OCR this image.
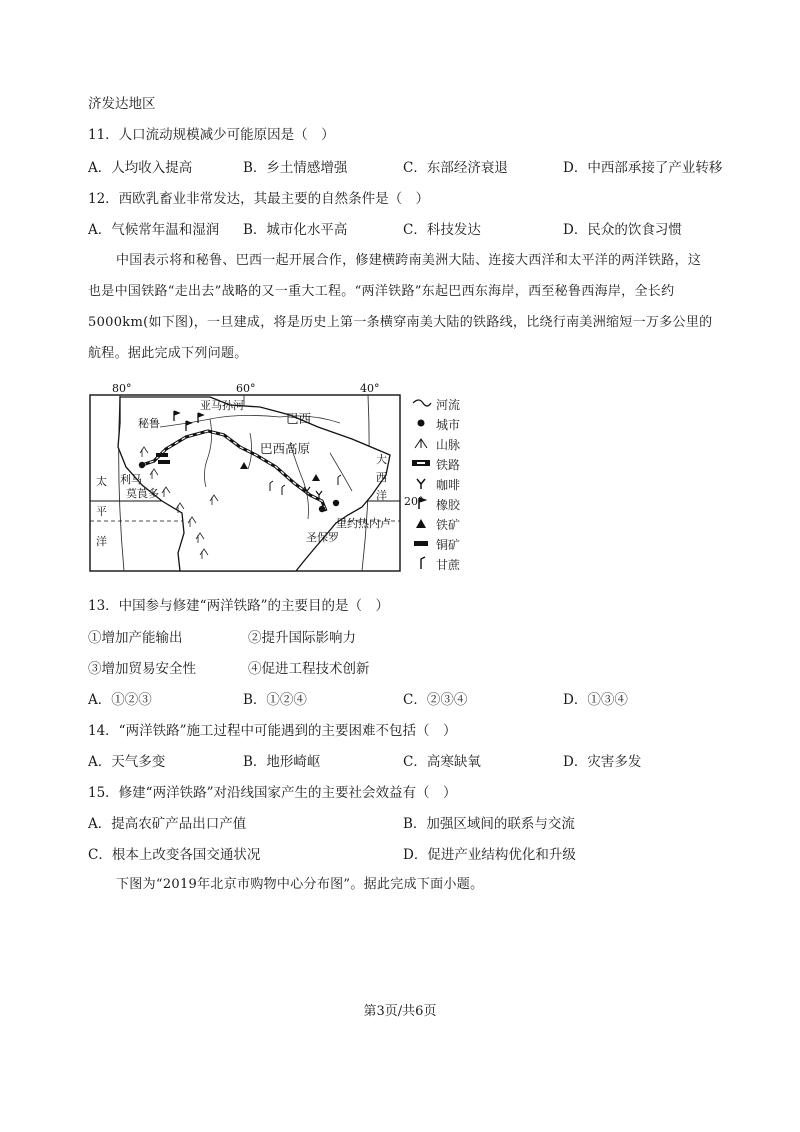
济发达地区
11．人口流动规模减少可能原因是（　）
A．人均收入提高	B．乡土情感增强	C．东部经济衰退	D．中西部承接了产业转移
12．西欧乳畜业非常发达，其最主要的自然条件是（　）
A．气候常年温和湿润 B．城市化水平高	C．科技发达	D．民众的饮食习惯
中国表示将和秘鲁、巴西一起开展合作，修建横跨南美洲大陆、连接大西洋和太平洋的两洋铁路，这
也是中国铁路“走出去”战略的又一重大工程。“两洋铁路”东起巴西东海岸，西至秘鲁西海岸，全长约
5000km(如下图)，一旦建成，将是历史上第一条横穿南美大陆的铁路线，比绕行南美洲缩短一万多公里的
航程。据此完成下列问题。
80°	60°	40°
20°
亚马孙河
秘鲁	巴西
巴西高原
利马
莫莨多
里约热内卢
圣保罗
太
平
洋
大
西
洋
河流
城市
山脉
铁路
咖啡
橡胶
铁矿
铜矿
甘蔗
13．中国参与修建“两洋铁路”的主要目的是（　）
①增加产能输出	②提升国际影响力
③增加贸易安全性	④促进工程技术创新
A．①②③	B．①②④	C．②③④	D．①③④
14．“两洋铁路”施工过程中可能遇到的主要困难不包括（　）
A．天气多变	B．地形崎岖	C．高寒缺氧	D．灾害多发
15．修建“两洋铁路”对沿线国家产生的主要社会效益有（　）
A．提高农矿产品出口产值	B．加强区域间的联系与交流
C．根本上改变各国交通状况	D．促进产业结构优化和升级
下图为“2019年北京市购物中心分布图”。据此完成下面小题。
第3页/共6页
